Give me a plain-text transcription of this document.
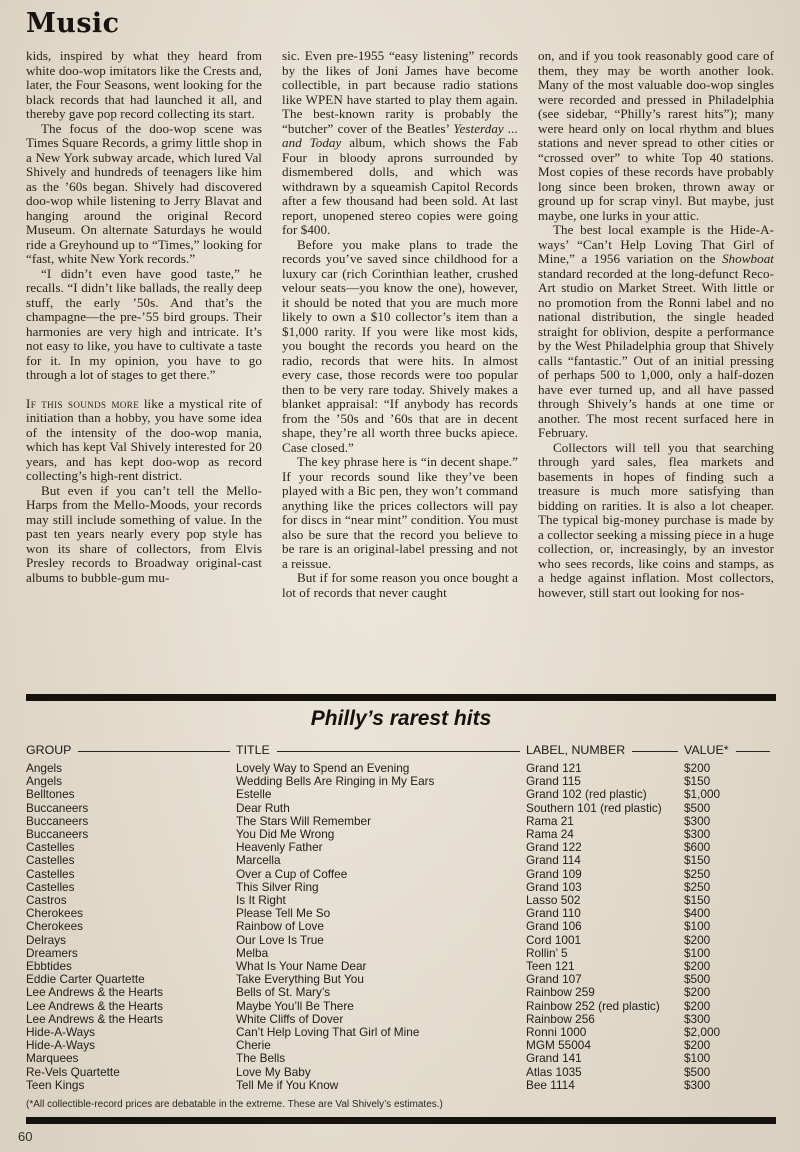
Music

kids, inspired by what they heard from white doo-wop imitators like the Crests and, later, the Four Seasons, went looking for the black records that had launched it all, and thereby gave pop record collecting its start.

The focus of the doo-wop scene was Times Square Records, a grimy little shop in a New York subway arcade, which lured Val Shively and hundreds of teenagers like him as the ’60s began. Shively had discovered doo-wop while listening to Jerry Blavat and hanging around the original Record Museum. On alternate Saturdays he would ride a Greyhound up to “Times,” looking for “fast, white New York records.”

“I didn’t even have good taste,” he recalls. “I didn’t like ballads, the really deep stuff, the early ’50s. And that’s the champagne—the pre-’55 bird groups. Their harmonies are very high and intricate. It’s not easy to like, you have to cultivate a taste for it. In my opinion, you have to go through a lot of stages to get there.”

If this sounds more like a mystical rite of initiation than a hobby, you have some idea of the intensity of the doo-wop mania, which has kept Val Shively interested for 20 years, and has kept doo-wop as record collecting’s high-rent district.

But even if you can’t tell the Mello-Harps from the Mello-Moods, your records may still include something of value. In the past ten years nearly every pop style has won its share of collectors, from Elvis Presley records to Broadway original-cast albums to bubble-gum mu-

sic. Even pre-1955 “easy listening” records by the likes of Joni James have become collectible, in part because radio stations like WPEN have started to play them again. The best-known rarity is probably the “butcher” cover of the Beatles’ Yesterday ... and Today album, which shows the Fab Four in bloody aprons surrounded by dismembered dolls, and which was withdrawn by a squeamish Capitol Records after a few thousand had been sold. At last report, unopened stereo copies were going for $400.

Before you make plans to trade the records you’ve saved since childhood for a luxury car (rich Corinthian leather, crushed velour seats—you know the one), however, it should be noted that you are much more likely to own a $10 collector’s item than a $1,000 rarity. If you were like most kids, you bought the records you heard on the radio, records that were hits. In almost every case, those records were too popular then to be very rare today. Shively makes a blanket appraisal: “If anybody has records from the ’50s and ’60s that are in decent shape, they’re all worth three bucks apiece. Case closed.”

The key phrase here is “in decent shape.” If your records sound like they’ve been played with a Bic pen, they won’t command anything like the prices collectors will pay for discs in “near mint” condition. You must also be sure that the record you believe to be rare is an original-label pressing and not a reissue.

But if for some reason you once bought a lot of records that never caught

on, and if you took reasonably good care of them, they may be worth another look. Many of the most valuable doo-wop singles were recorded and pressed in Philadelphia (see sidebar, “Philly’s rarest hits”); many were heard only on local rhythm and blues stations and never spread to other cities or “crossed over” to white Top 40 stations. Most copies of these records have probably long since been broken, thrown away or ground up for scrap vinyl. But maybe, just maybe, one lurks in your attic.

The best local example is the Hide-A-ways’ “Can’t Help Loving That Girl of Mine,” a 1956 variation on the Showboat standard recorded at the long-defunct Reco-Art studio on Market Street. With little or no promotion from the Ronni label and no national distribution, the single headed straight for oblivion, despite a performance by the West Philadelphia group that Shively calls “fantastic.” Out of an initial pressing of perhaps 500 to 1,000, only a half-dozen have ever turned up, and all have passed through Shively’s hands at one time or another. The most recent surfaced here in February.

Collectors will tell you that searching through yard sales, flea markets and basements in hopes of finding such a treasure is much more satisfying than bidding on rarities. It is also a lot cheaper. The typical big-money purchase is made by a collector seeking a missing piece in a huge collection, or, increasingly, by an investor who sees records, like coins and stamps, as a hedge against inflation. Most collectors, however, still start out looking for nos-

Philly’s rarest hits
GROUP	TITLE	LABEL, NUMBER	VALUE*
Angels	Lovely Way to Spend an Evening	Grand 121	$200
Angels	Wedding Bells Are Ringing in My Ears	Grand 115	$150
Belltones	Estelle	Grand 102 (red plastic)	$1,000
Buccaneers	Dear Ruth	Southern 101 (red plastic)	$500
Buccaneers	The Stars Will Remember	Rama 21	$300
Buccaneers	You Did Me Wrong	Rama 24	$300
Castelles	Heavenly Father	Grand 122	$600
Castelles	Marcella	Grand 114	$150
Castelles	Over a Cup of Coffee	Grand 109	$250
Castelles	This Silver Ring	Grand 103	$250
Castros	Is It Right	Lasso 502	$150
Cherokees	Please Tell Me So	Grand 110	$400
Cherokees	Rainbow of Love	Grand 106	$100
Delrays	Our Love Is True	Cord 1001	$200
Dreamers	Melba	Rollin’ 5	$100
Ebbtides	What Is Your Name Dear	Teen 121	$200
Eddie Carter Quartette	Take Everything But You	Grand 107	$500
Lee Andrews & the Hearts	Bells of St. Mary’s	Rainbow 259	$200
Lee Andrews & the Hearts	Maybe You’ll Be There	Rainbow 252 (red plastic)	$200
Lee Andrews & the Hearts	White Cliffs of Dover	Rainbow 256	$300
Hide-A-Ways	Can’t Help Loving That Girl of Mine	Ronni 1000	$2,000
Hide-A-Ways	Cherie	MGM 55004	$200
Marquees	The Bells	Grand 141	$100
Re-Vels Quartette	Love My Baby	Atlas 1035	$500
Teen Kings	Tell Me if You Know	Bee 1114	$300
(*All collectible-record prices are debatable in the extreme. These are Val Shively’s estimates.)
60
